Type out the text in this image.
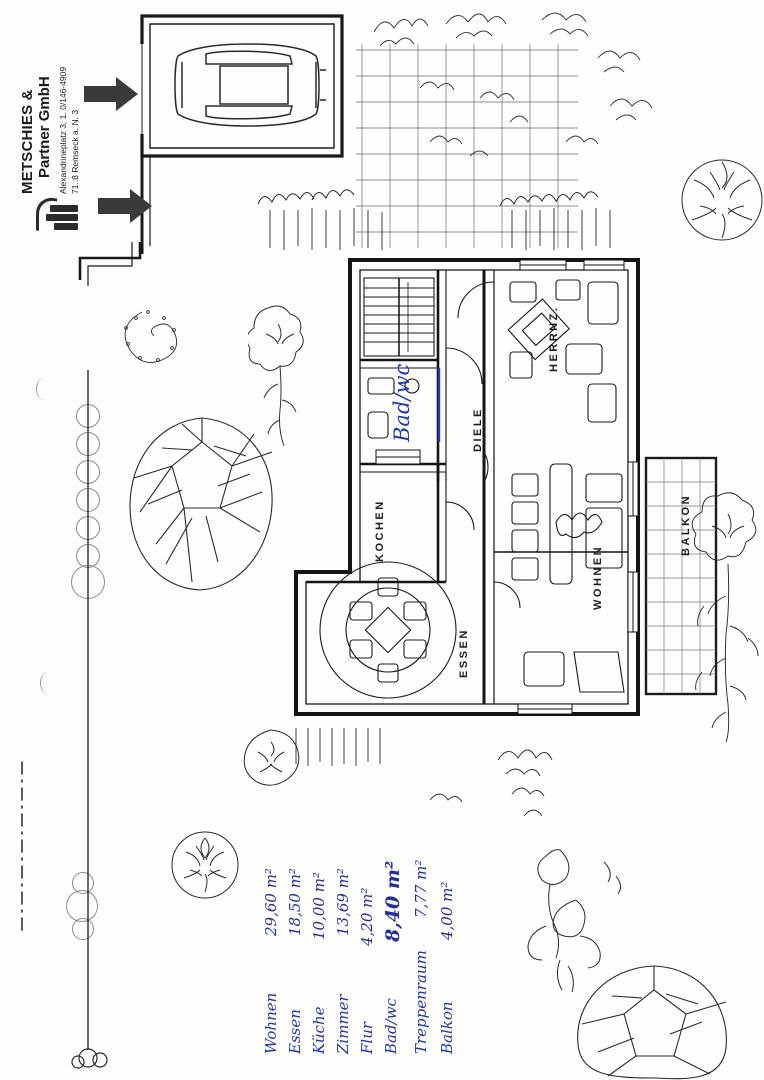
METSCHIES & Partner GmbH Alexandrineplatz 3, 1. 0/146-4909 71.:8 Remseck a. N. 3
HERRNZ.
DIELE
KOCHEN
WOHNEN
ESSEN
BALKON
Bad/wc
Wohnen
29,60 m²
Essen
18,50 m²
Küche
10,00 m²
Zimmer
13,69 m²
Flur
4,20 m²
Bad/wc
8,40 m²
Treppenraum
7,77 m²
Balkon
4,00 m²
